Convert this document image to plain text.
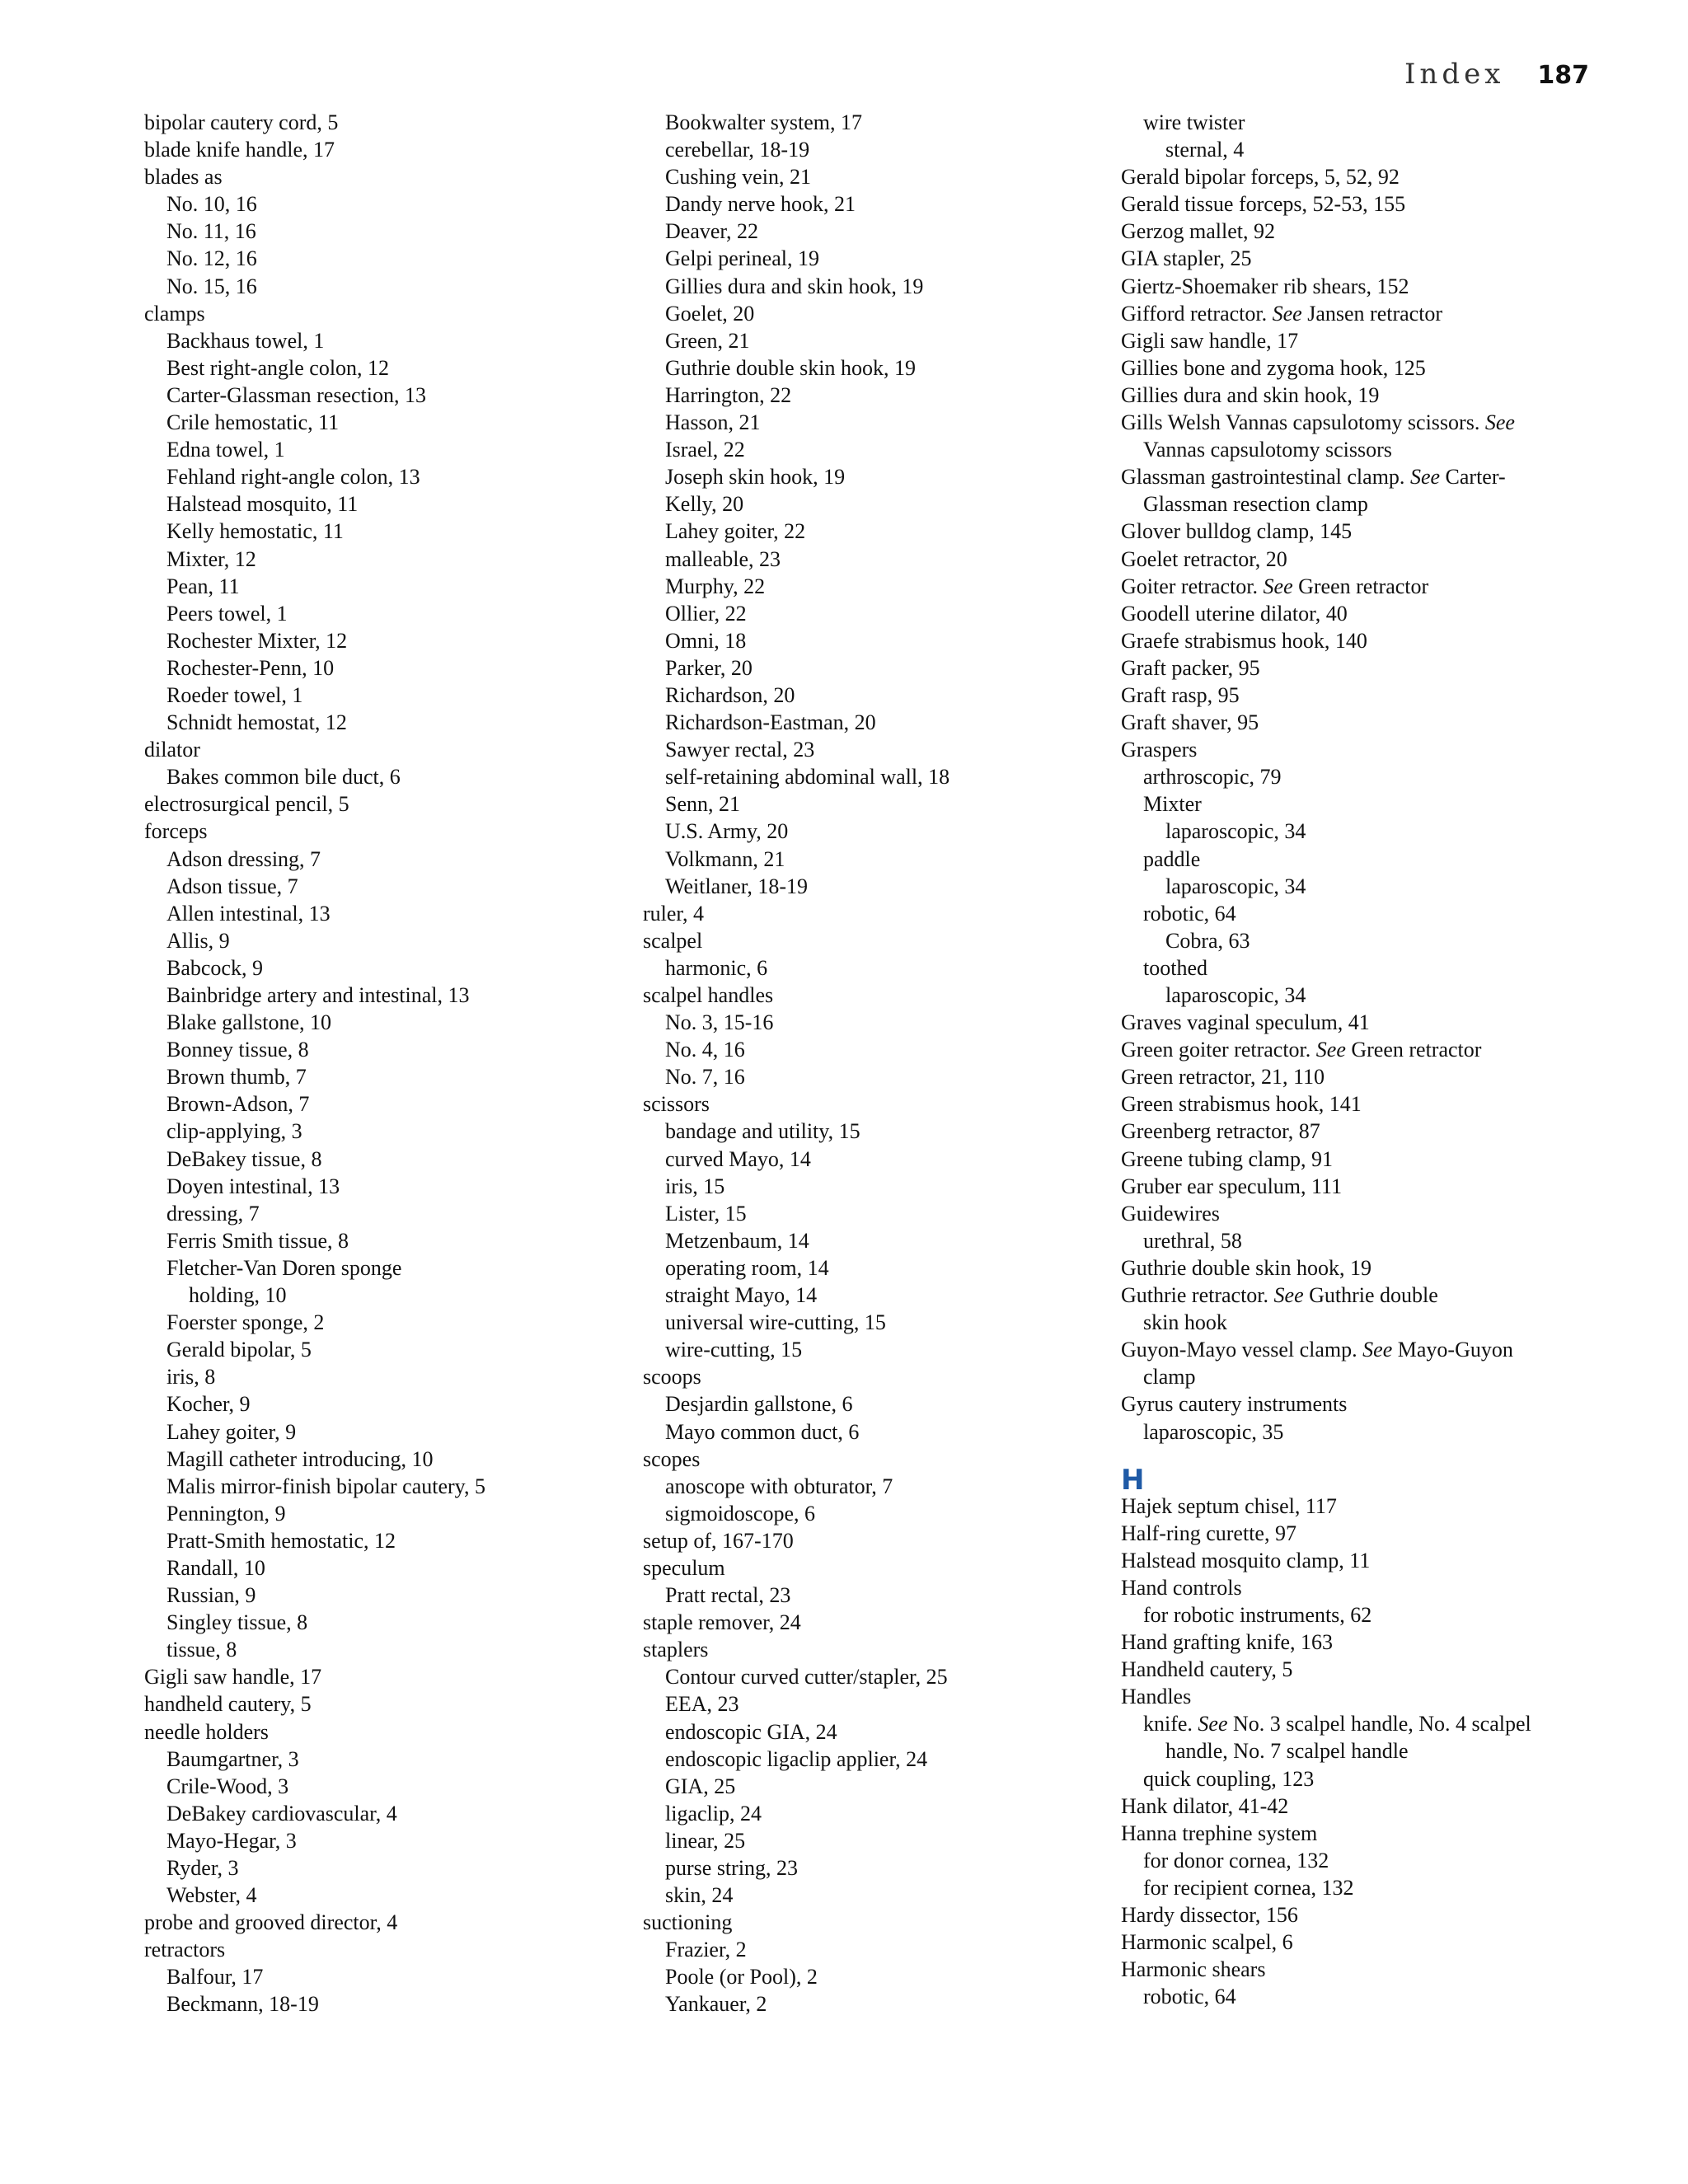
Index 187
bipolar cautery cord, 5
blade knife handle, 17
blades as
No. 10, 16
No. 11, 16
No. 12, 16
No. 15, 16
clamps
Backhaus towel, 1
Best right-angle colon, 12
Carter-Glassman resection, 13
Crile hemostatic, 11
Edna towel, 1
Fehland right-angle colon, 13
Halstead mosquito, 11
Kelly hemostatic, 11
Mixter, 12
Pean, 11
Peers towel, 1
Rochester Mixter, 12
Rochester-Penn, 10
Roeder towel, 1
Schnidt hemostat, 12
dilator
Bakes common bile duct, 6
electrosurgical pencil, 5
forceps
Adson dressing, 7
Adson tissue, 7
Allen intestinal, 13
Allis, 9
Babcock, 9
Bainbridge artery and intestinal, 13
Blake gallstone, 10
Bonney tissue, 8
Brown thumb, 7
Brown-Adson, 7
clip-applying, 3
DeBakey tissue, 8
Doyen intestinal, 13
dressing, 7
Ferris Smith tissue, 8
Fletcher-Van Doren sponge
holding, 10
Foerster sponge, 2
Gerald bipolar, 5
iris, 8
Kocher, 9
Lahey goiter, 9
Magill catheter introducing, 10
Malis mirror-finish bipolar cautery, 5
Pennington, 9
Pratt-Smith hemostatic, 12
Randall, 10
Russian, 9
Singley tissue, 8
tissue, 8
Gigli saw handle, 17
handheld cautery, 5
needle holders
Baumgartner, 3
Crile-Wood, 3
DeBakey cardiovascular, 4
Mayo-Hegar, 3
Ryder, 3
Webster, 4
probe and grooved director, 4
retractors
Balfour, 17
Beckmann, 18-19
Bookwalter system, 17
cerebellar, 18-19
Cushing vein, 21
Dandy nerve hook, 21
Deaver, 22
Gelpi perineal, 19
Gillies dura and skin hook, 19
Goelet, 20
Green, 21
Guthrie double skin hook, 19
Harrington, 22
Hasson, 21
Israel, 22
Joseph skin hook, 19
Kelly, 20
Lahey goiter, 22
malleable, 23
Murphy, 22
Ollier, 22
Omni, 18
Parker, 20
Richardson, 20
Richardson-Eastman, 20
Sawyer rectal, 23
self-retaining abdominal wall, 18
Senn, 21
U.S. Army, 20
Volkmann, 21
Weitlaner, 18-19
ruler, 4
scalpel
harmonic, 6
scalpel handles
No. 3, 15-16
No. 4, 16
No. 7, 16
scissors
bandage and utility, 15
curved Mayo, 14
iris, 15
Lister, 15
Metzenbaum, 14
operating room, 14
straight Mayo, 14
universal wire-cutting, 15
wire-cutting, 15
scoops
Desjardin gallstone, 6
Mayo common duct, 6
scopes
anoscope with obturator, 7
sigmoidoscope, 6
setup of, 167-170
speculum
Pratt rectal, 23
staple remover, 24
staplers
Contour curved cutter/stapler, 25
EEA, 23
endoscopic GIA, 24
endoscopic ligaclip applier, 24
GIA, 25
ligaclip, 24
linear, 25
purse string, 23
skin, 24
suctioning
Frazier, 2
Poole (or Pool), 2
Yankauer, 2
wire twister
sternal, 4
Gerald bipolar forceps, 5, 52, 92
Gerald tissue forceps, 52-53, 155
Gerzog mallet, 92
GIA stapler, 25
Giertz-Shoemaker rib shears, 152
Gifford retractor. See Jansen retractor
Gigli saw handle, 17
Gillies bone and zygoma hook, 125
Gillies dura and skin hook, 19
Gills Welsh Vannas capsulotomy scissors. See
Vannas capsulotomy scissors
Glassman gastrointestinal clamp. See Carter-
Glassman resection clamp
Glover bulldog clamp, 145
Goelet retractor, 20
Goiter retractor. See Green retractor
Goodell uterine dilator, 40
Graefe strabismus hook, 140
Graft packer, 95
Graft rasp, 95
Graft shaver, 95
Graspers
arthroscopic, 79
Mixter
laparoscopic, 34
paddle
laparoscopic, 34
robotic, 64
Cobra, 63
toothed
laparoscopic, 34
Graves vaginal speculum, 41
Green goiter retractor. See Green retractor
Green retractor, 21, 110
Green strabismus hook, 141
Greenberg retractor, 87
Greene tubing clamp, 91
Gruber ear speculum, 111
Guidewires
urethral, 58
Guthrie double skin hook, 19
Guthrie retractor. See Guthrie double
skin hook
Guyon-Mayo vessel clamp. See Mayo-Guyon
clamp
Gyrus cautery instruments
laparoscopic, 35
H
Hajek septum chisel, 117
Half-ring curette, 97
Halstead mosquito clamp, 11
Hand controls
for robotic instruments, 62
Hand grafting knife, 163
Handheld cautery, 5
Handles
knife. See No. 3 scalpel handle, No. 4 scalpel
handle, No. 7 scalpel handle
quick coupling, 123
Hank dilator, 41-42
Hanna trephine system
for donor cornea, 132
for recipient cornea, 132
Hardy dissector, 156
Harmonic scalpel, 6
Harmonic shears
robotic, 64
